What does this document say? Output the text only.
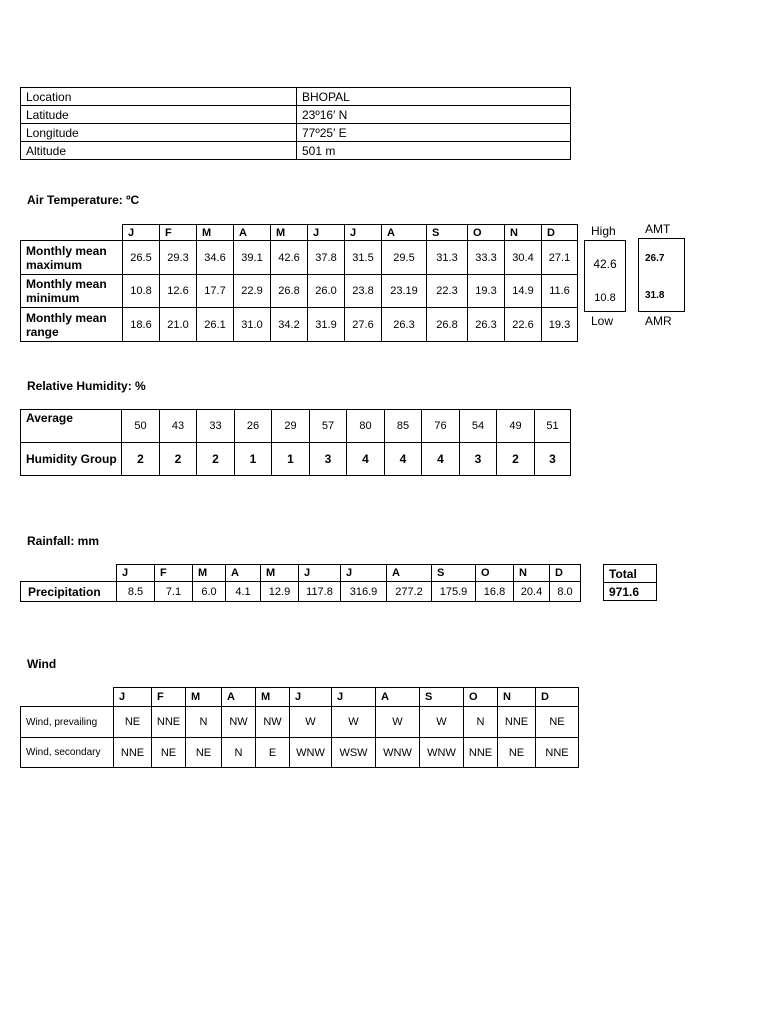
Location	BHOPAL
Latitude	23º16′ N
Longitude	77º25′ E
Altitude	501 m
Air Temperature: ºC
	J	F	M	A	M	J	J	A	S	O	N	D
Monthly mean maximum	26.5	29.3	34.6	39.1	42.6	37.8	31.5	29.5	31.3	33.3	30.4	27.1
Monthly mean minimum	10.8	12.6	17.7	22.9	26.8	26.0	23.8	23.19	22.3	19.3	14.9	11.6
Monthly mean range	18.6	21.0	26.1	31.0	34.2	31.9	27.6	26.3	26.8	26.3	22.6	19.3
High
42.6
10.8
Low
AMT
26.7
31.8
AMR
Relative Humidity: %
Average	50	43	33	26	29	57	80	85	76	54	49	51
Humidity Group	2	2	2	1	1	3	4	4	4	3	2	3
Rainfall: mm
	J	F	M	A	M	J	J	A	S	O	N	D
Precipitation	8.5	7.1	6.0	4.1	12.9	117.8	316.9	277.2	175.9	16.8	20.4	8.0
Total
971.6
Wind
	J	F	M	A	M	J	J	A	S	O	N	D
Wind, prevailing	NE	NNE	N	NW	NW	W	W	W	W	N	NNE	NE
Wind, secondary	NNE	NE	NE	N	E	WNW	WSW	WNW	WNW	NNE	NE	NNE
